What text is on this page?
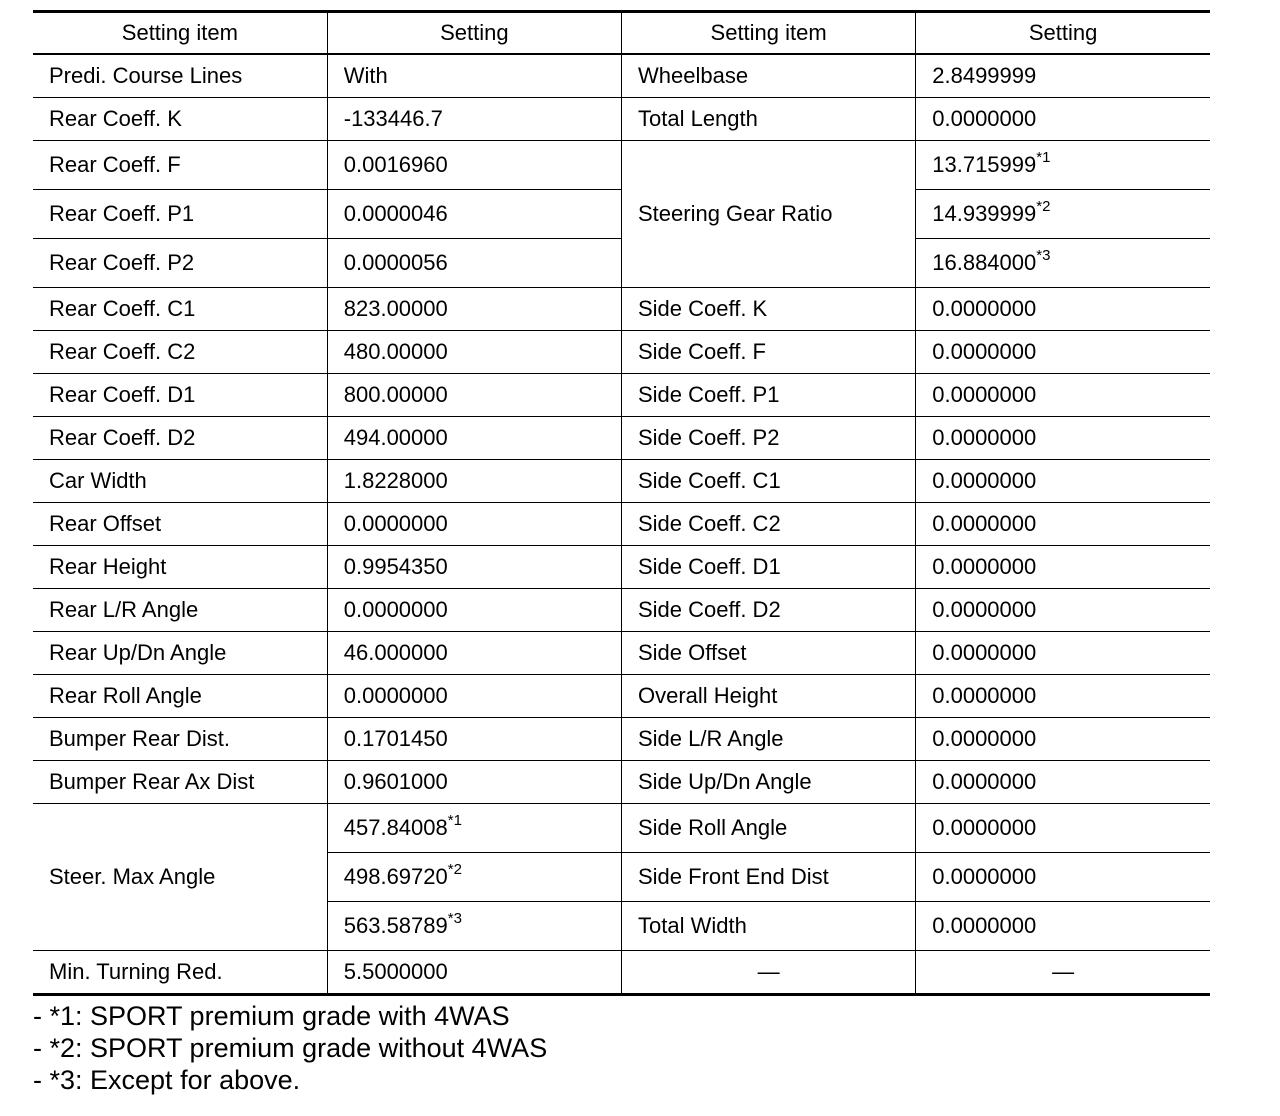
Setting item	Setting	Setting item	Setting
Predi. Course Lines	With	Wheelbase	2.8499999
Rear Coeff. K	-133446.7	Total Length	0.0000000
Rear Coeff. F	0.0016960	Steering Gear Ratio	13.715999$^{*1}$
Rear Coeff. P1	0.0000046		14.939999$^{*2}$
Rear Coeff. P2	0.0000056		16.884000$^{*3}$
Rear Coeff. C1	823.00000	Side Coeff. K	0.0000000
Rear Coeff. C2	480.00000	Side Coeff. F	0.0000000
Rear Coeff. D1	800.00000	Side Coeff. P1	0.0000000
Rear Coeff. D2	494.00000	Side Coeff. P2	0.0000000
Car Width	1.8228000	Side Coeff. C1	0.0000000
Rear Offset	0.0000000	Side Coeff. C2	0.0000000
Rear Height	0.9954350	Side Coeff. D1	0.0000000
Rear L/R Angle	0.0000000	Side Coeff. D2	0.0000000
Rear Up/Dn Angle	46.000000	Side Offset	0.0000000
Rear Roll Angle	0.0000000	Overall Height	0.0000000
Bumper Rear Dist.	0.1701450	Side L/R Angle	0.0000000
Bumper Rear Ax Dist	0.9601000	Side Up/Dn Angle	0.0000000
Steer. Max Angle	457.84008$^{*1}$	Side Roll Angle	0.0000000
	498.69720$^{*2}$	Side Front End Dist	0.0000000
	563.58789$^{*3}$	Total Width	0.0000000
Min. Turning Red.	5.5000000	—	—
- *1: SPORT premium grade with 4WAS
- *2: SPORT premium grade without 4WAS
- *3: Except for above.
